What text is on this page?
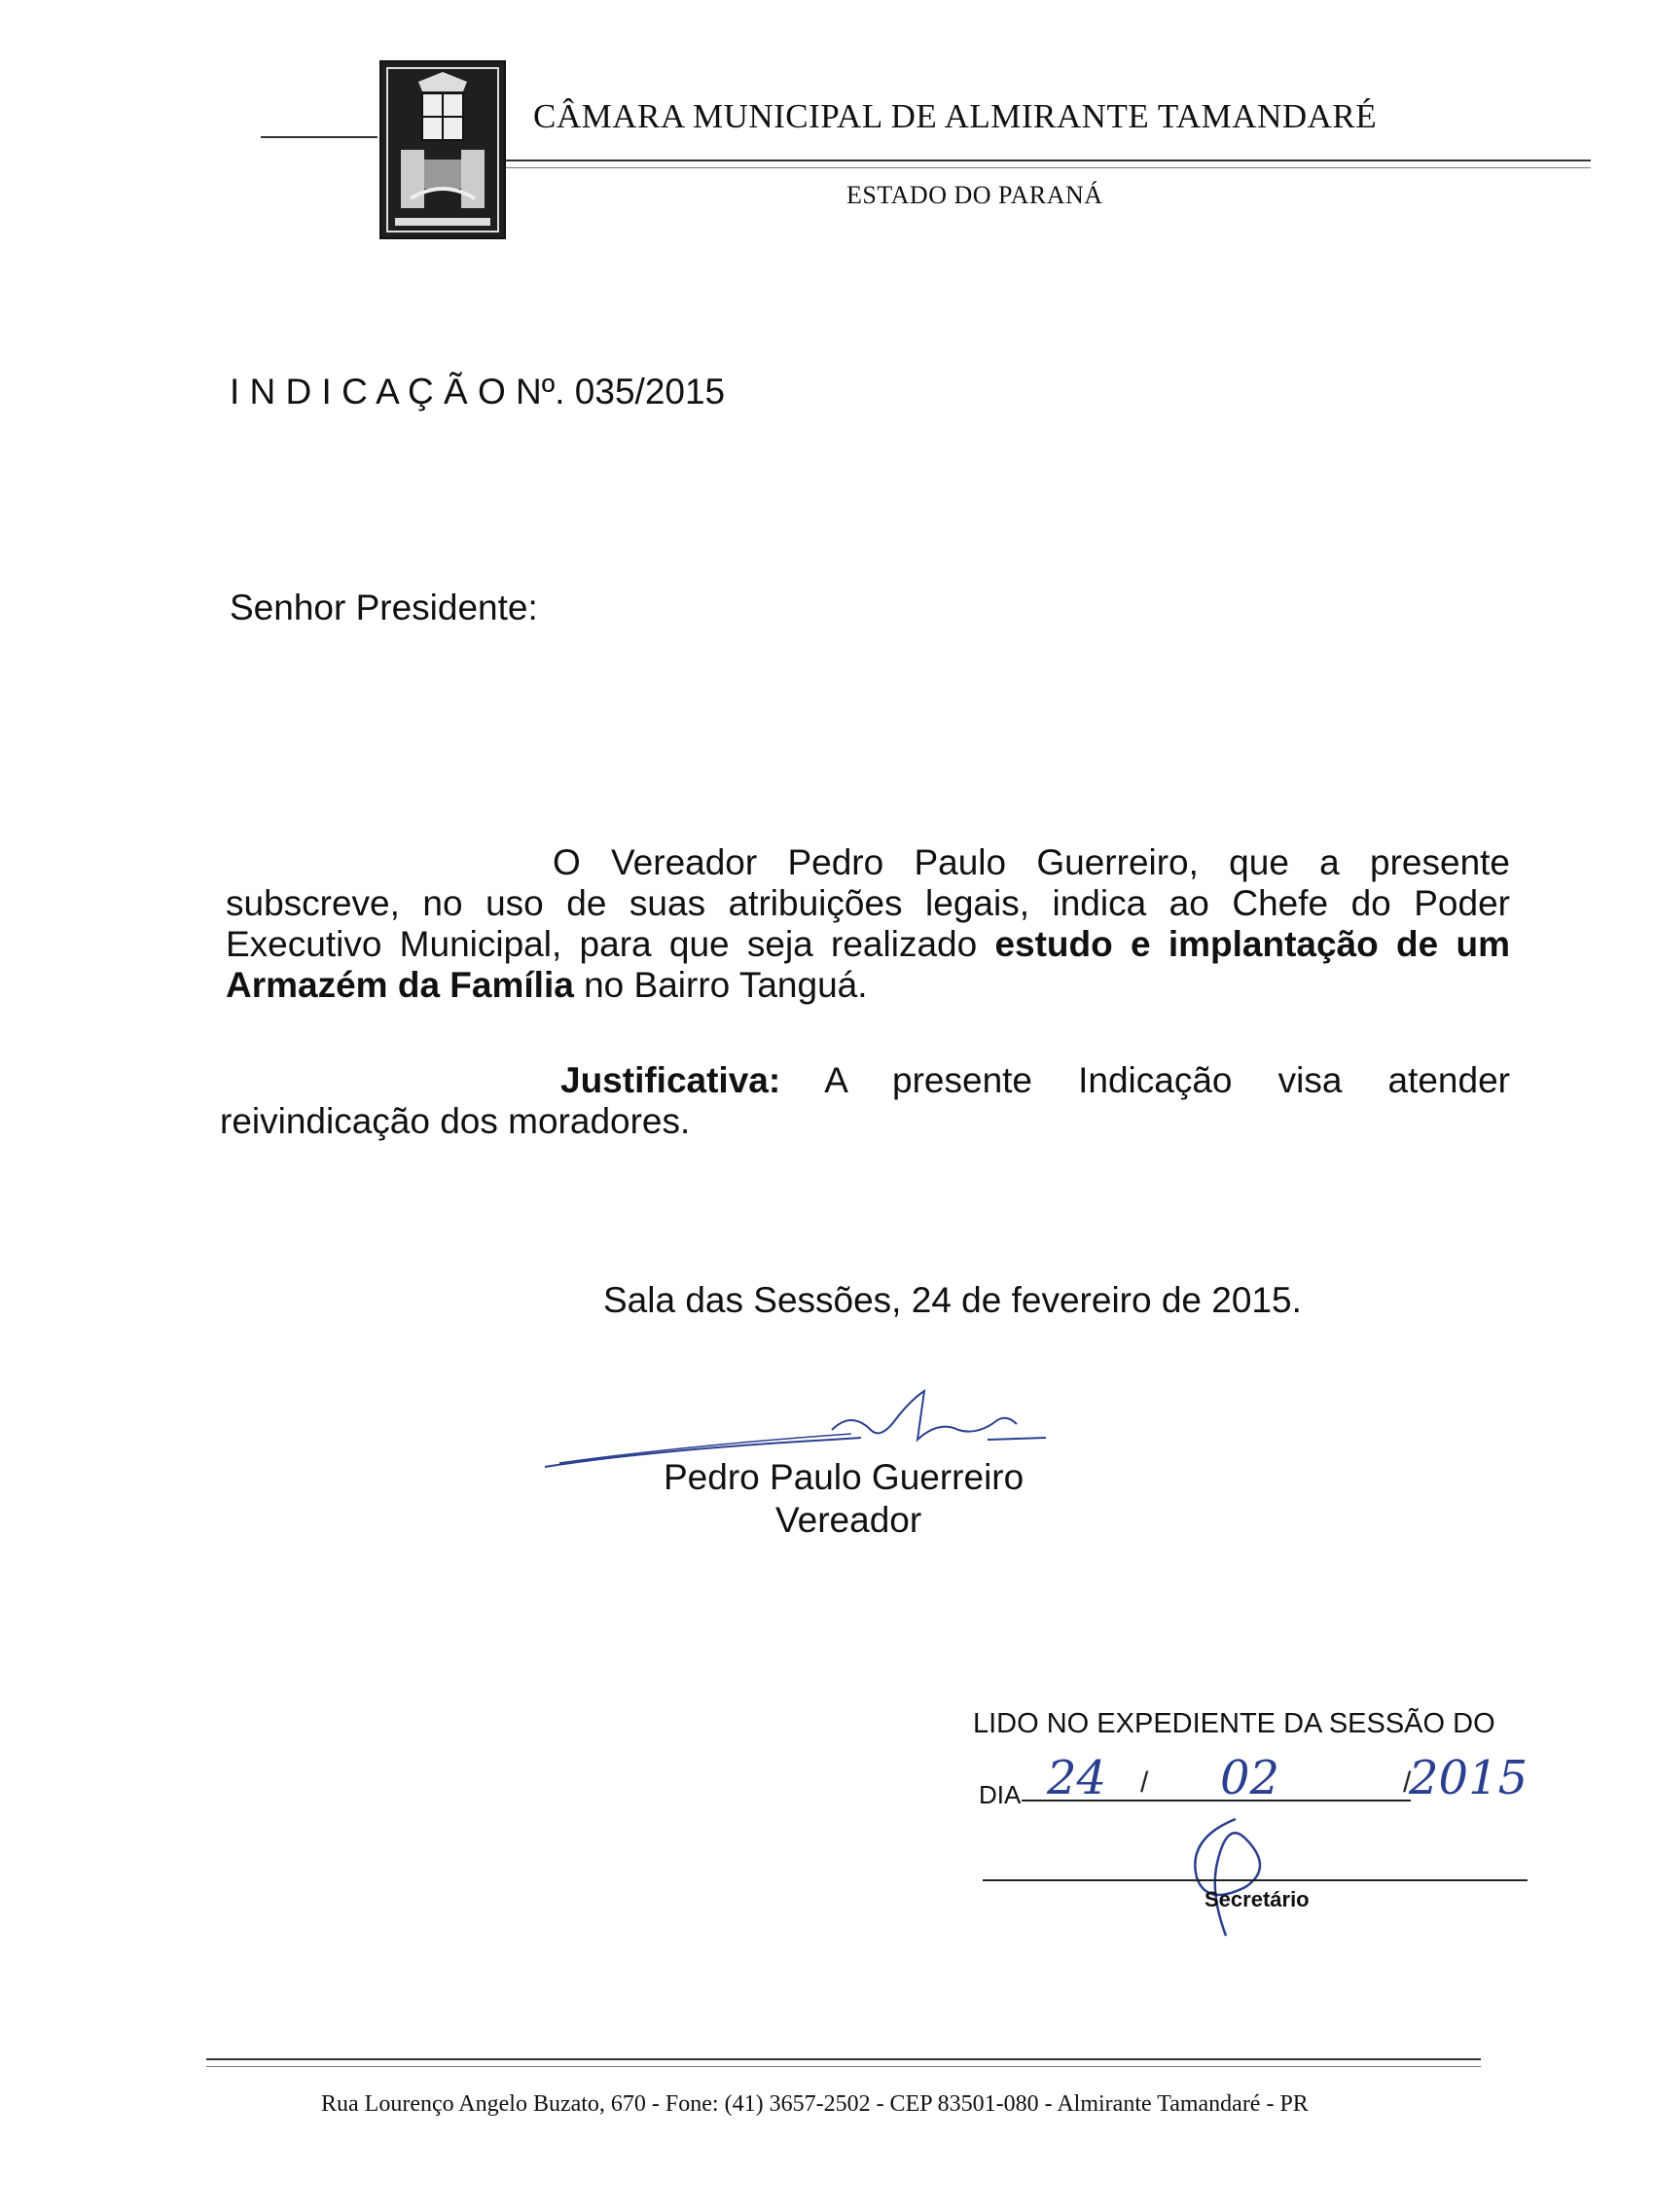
CÂMARA MUNICIPAL DE ALMIRANTE TAMANDARÉ
ESTADO DO PARANÁ
I N D I C A Ç Ã O Nº. 035/2015
Senhor Presidente:
O Vereador Pedro Paulo Guerreiro, que a presente subscreve, no uso de suas atribuições legais, indica ao Chefe do Poder Executivo Municipal, para que seja realizado estudo e implantação de um Armazém da Família no Bairro Tanguá.
Justificativa: A presente Indicação visa atender reivindicação dos moradores.
Sala das Sessões, 24 de fevereiro de 2015.
Pedro Paulo Guerreiro
Vereador
LIDO NO EXPEDIENTE DA SESSÃO DO
DIA 24 / 02	/
2015
Secretário
Rua Lourenço Angelo Buzato, 670 - Fone: (41) 3657-2502 - CEP 83501-080 - Almirante Tamandaré - PR
